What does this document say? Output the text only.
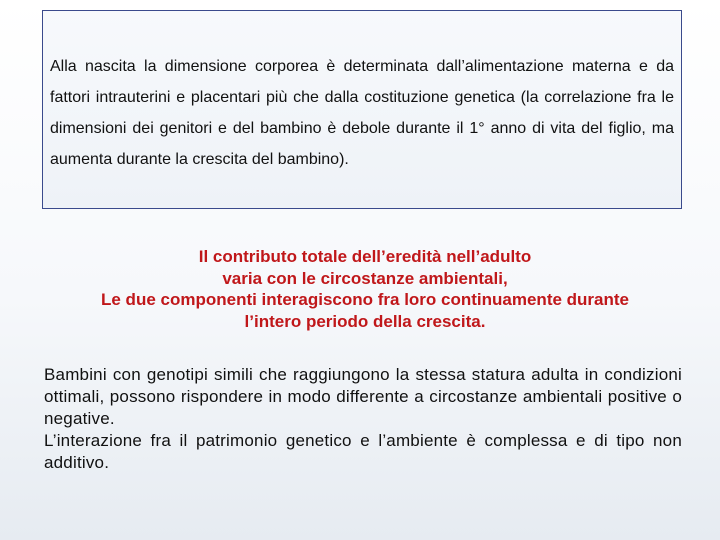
Alla nascita la dimensione corporea è determinata dall’alimentazione materna e da fattori intrauterini e placentari più che dalla costituzione genetica (la correlazione fra le dimensioni dei genitori e del bambino è debole durante il 1° anno di vita del figlio, ma aumenta durante la crescita del bambino).

Il contributo totale dell’eredità nell’adulto
varia con le circostanze ambientali,
Le due componenti interagiscono fra loro continuamente durante
l’intero periodo della crescita.

Bambini con genotipi simili che raggiungono la stessa statura adulta in condizioni ottimali, possono rispondere in modo differente a circostanze ambientali positive o negative.

L’interazione fra il patrimonio genetico e l’ambiente è complessa e di tipo non additivo.
